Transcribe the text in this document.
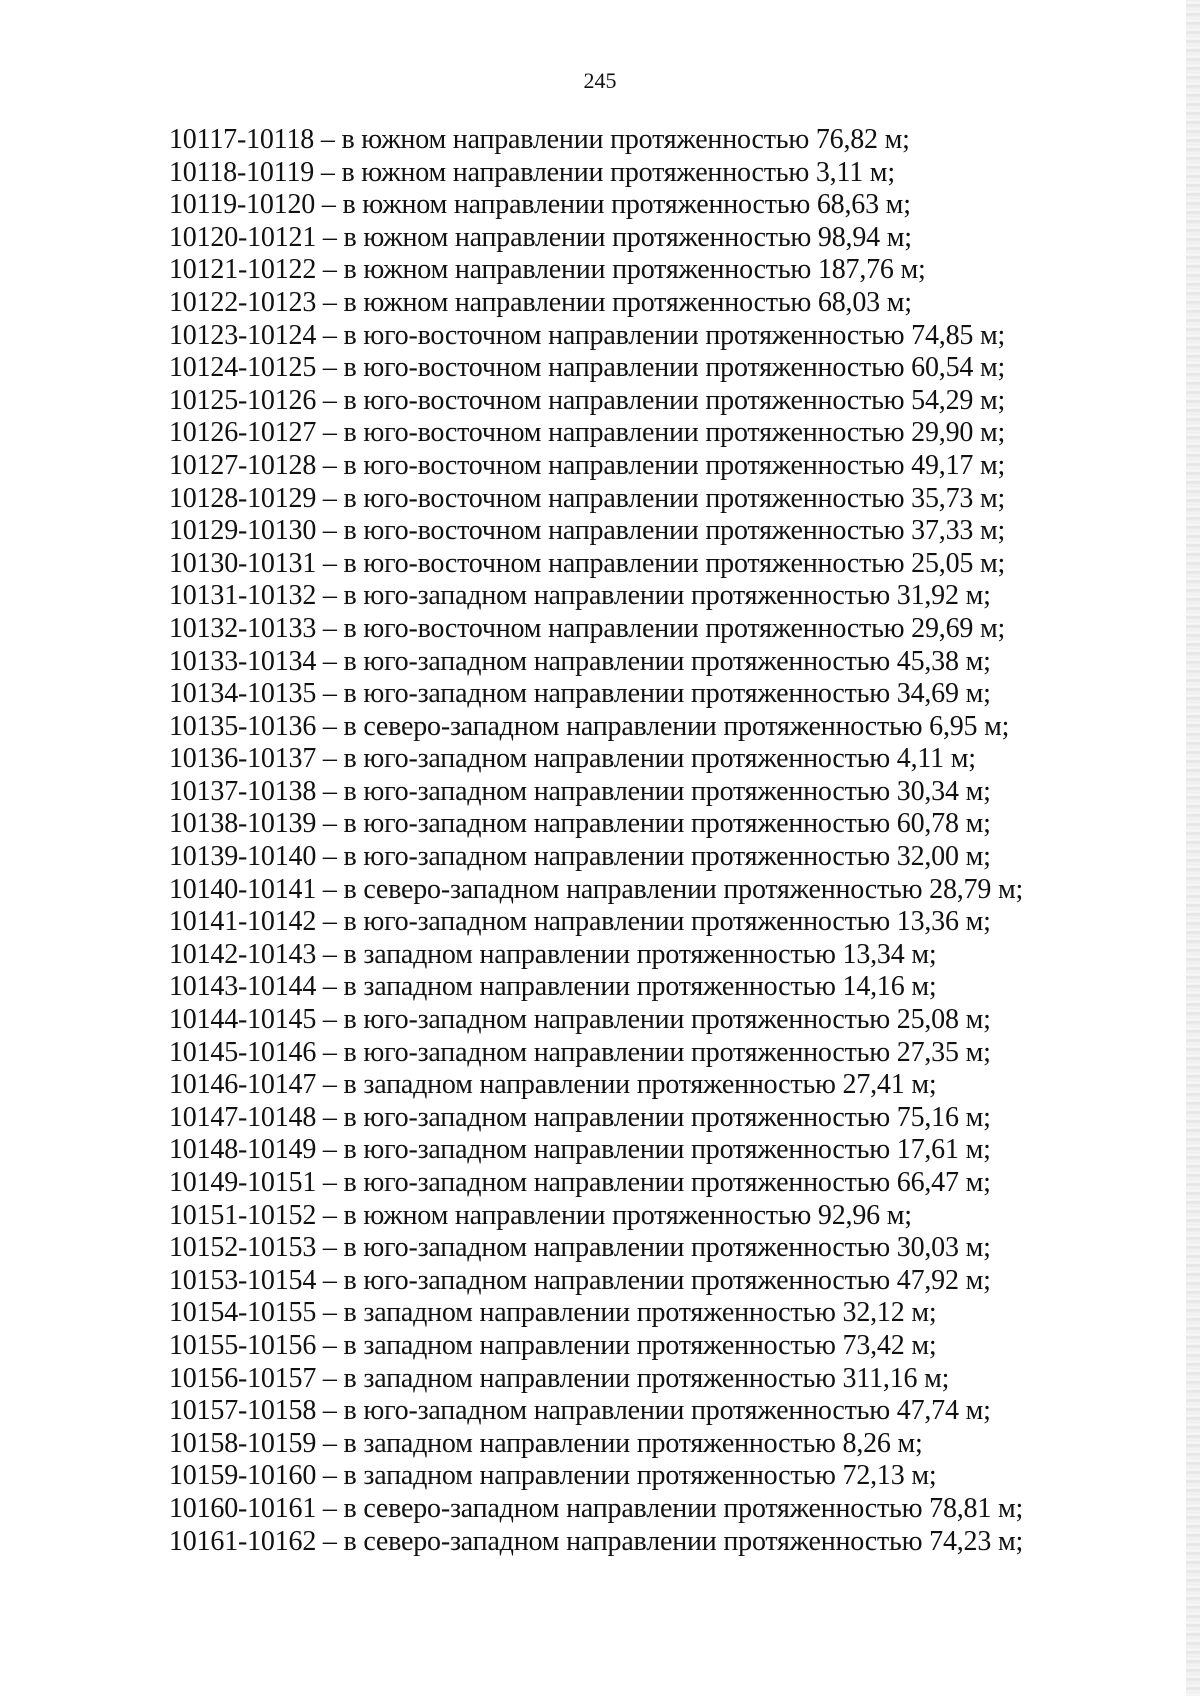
245
10117-10118 – в южном направлении протяженностью 76,82 м;
10118-10119 – в южном направлении протяженностью 3,11 м;
10119-10120 – в южном направлении протяженностью 68,63 м;
10120-10121 – в южном направлении протяженностью 98,94 м;
10121-10122 – в южном направлении протяженностью 187,76 м;
10122-10123 – в южном направлении протяженностью 68,03 м;
10123-10124 – в юго-восточном направлении протяженностью 74,85 м;
10124-10125 – в юго-восточном направлении протяженностью 60,54 м;
10125-10126 – в юго-восточном направлении протяженностью 54,29 м;
10126-10127 – в юго-восточном направлении протяженностью 29,90 м;
10127-10128 – в юго-восточном направлении протяженностью 49,17 м;
10128-10129 – в юго-восточном направлении протяженностью 35,73 м;
10129-10130 – в юго-восточном направлении протяженностью 37,33 м;
10130-10131 – в юго-восточном направлении протяженностью 25,05 м;
10131-10132 – в юго-западном направлении протяженностью 31,92 м;
10132-10133 – в юго-восточном направлении протяженностью 29,69 м;
10133-10134 – в юго-западном направлении протяженностью 45,38 м;
10134-10135 – в юго-западном направлении протяженностью 34,69 м;
10135-10136 – в северо-западном направлении протяженностью 6,95 м;
10136-10137 – в юго-западном направлении протяженностью 4,11 м;
10137-10138 – в юго-западном направлении протяженностью 30,34 м;
10138-10139 – в юго-западном направлении протяженностью 60,78 м;
10139-10140 – в юго-западном направлении протяженностью 32,00 м;
10140-10141 – в северо-западном направлении протяженностью 28,79 м;
10141-10142 – в юго-западном направлении протяженностью 13,36 м;
10142-10143 – в западном направлении протяженностью 13,34 м;
10143-10144 – в западном направлении протяженностью 14,16 м;
10144-10145 – в юго-западном направлении протяженностью 25,08 м;
10145-10146 – в юго-западном направлении протяженностью 27,35 м;
10146-10147 – в западном направлении протяженностью 27,41 м;
10147-10148 – в юго-западном направлении протяженностью 75,16 м;
10148-10149 – в юго-западном направлении протяженностью 17,61 м;
10149-10151 – в юго-западном направлении протяженностью 66,47 м;
10151-10152 – в южном направлении протяженностью 92,96 м;
10152-10153 – в юго-западном направлении протяженностью 30,03 м;
10153-10154 – в юго-западном направлении протяженностью 47,92 м;
10154-10155 – в западном направлении протяженностью 32,12 м;
10155-10156 – в западном направлении протяженностью 73,42 м;
10156-10157 – в западном направлении протяженностью 311,16 м;
10157-10158 – в юго-западном направлении протяженностью 47,74 м;
10158-10159 – в западном направлении протяженностью 8,26 м;
10159-10160 – в западном направлении протяженностью 72,13 м;
10160-10161 – в северо-западном направлении протяженностью 78,81 м;
10161-10162 – в северо-западном направлении протяженностью 74,23 м;
